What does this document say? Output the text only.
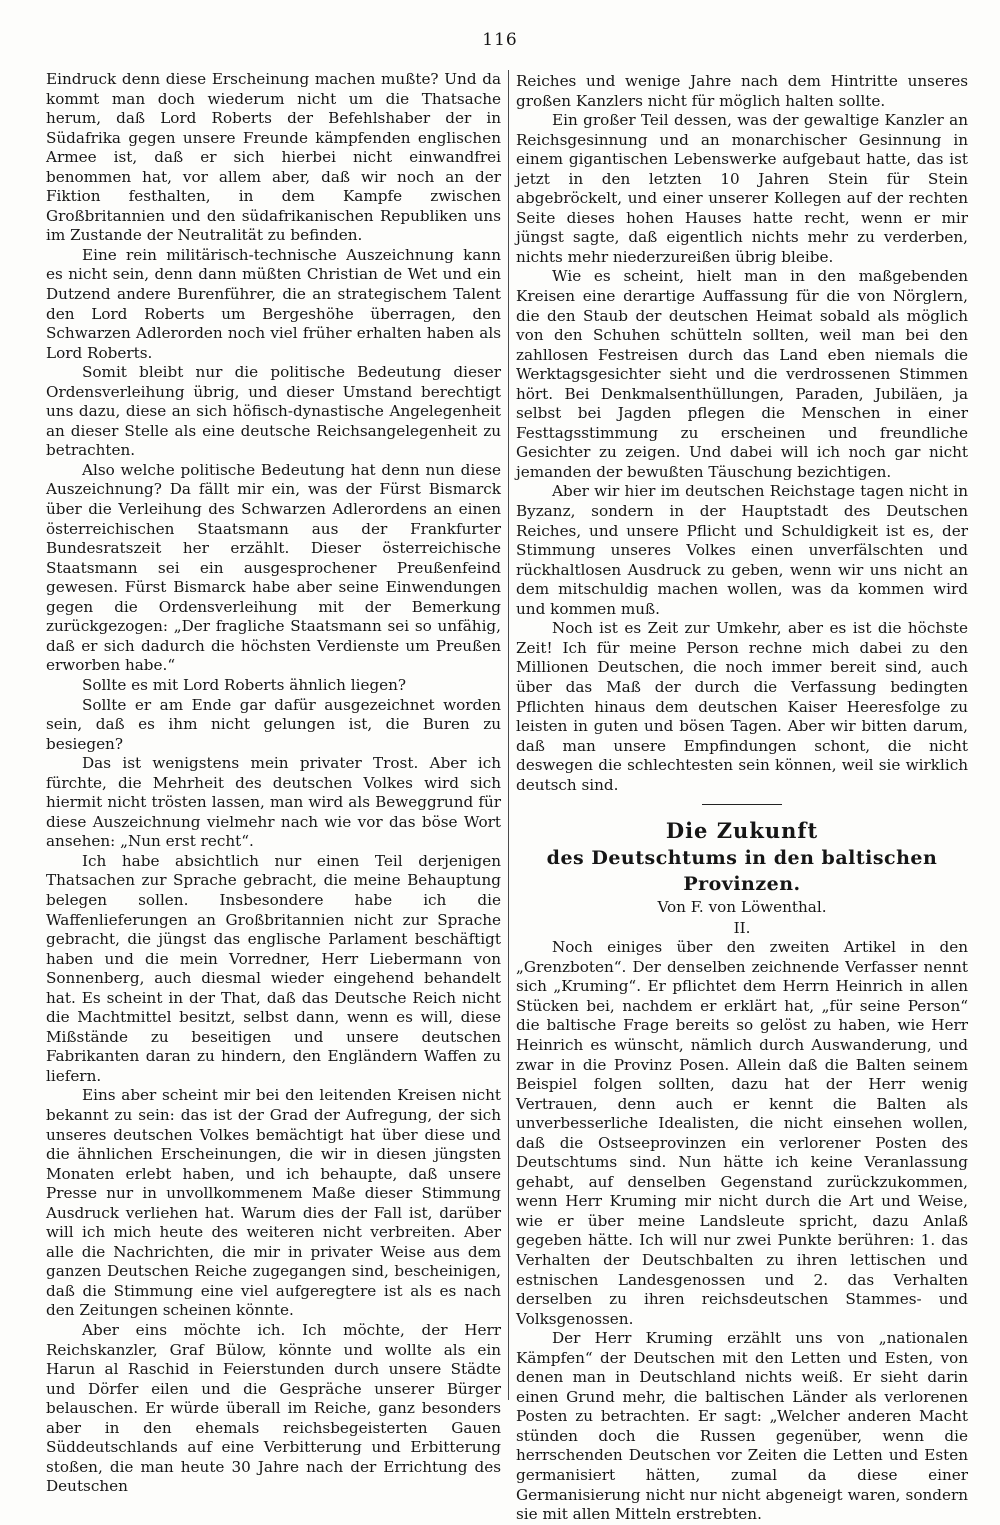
116

Eindruck denn diese Erscheinung machen mußte? Und da kommt man doch wiederum nicht um die Thatsache herum, daß Lord Roberts der Befehlshaber der in Südafrika gegen unsere Freunde kämpfenden englischen Armee ist, daß er sich hierbei nicht einwandfrei benommen hat, vor allem aber, daß wir noch an der Fiktion festhalten, in dem Kampfe zwischen Großbritannien und den südafrikanischen Republiken uns im Zustande der Neutralität zu befinden.

Eine rein militärisch-technische Auszeichnung kann es nicht sein, denn dann müßten Christian de Wet und ein Dutzend andere Burenführer, die an strategischem Talent den Lord Roberts um Bergeshöhe überragen, den Schwarzen Adlerorden noch viel früher erhalten haben als Lord Roberts.

Somit bleibt nur die politische Bedeutung dieser Ordensverleihung übrig, und dieser Umstand berechtigt uns dazu, diese an sich höfisch-dynastische Angelegenheit an dieser Stelle als eine deutsche Reichsangelegenheit zu betrachten.

Also welche politische Bedeutung hat denn nun diese Auszeichnung? Da fällt mir ein, was der Fürst Bismarck über die Verleihung des Schwarzen Adlerordens an einen österreichischen Staatsmann aus der Frankfurter Bundesratszeit her erzählt. Dieser österreichische Staatsmann sei ein ausgesprochener Preußenfeind gewesen. Fürst Bismarck habe aber seine Einwendungen gegen die Ordensverleihung mit der Bemerkung zurückgezogen: „Der fragliche Staatsmann sei so unfähig, daß er sich dadurch die höchsten Verdienste um Preußen erworben habe.“

Sollte es mit Lord Roberts ähnlich liegen?

Sollte er am Ende gar dafür ausgezeichnet worden sein, daß es ihm nicht gelungen ist, die Buren zu besiegen?

Das ist wenigstens mein privater Trost. Aber ich fürchte, die Mehrheit des deutschen Volkes wird sich hiermit nicht trösten lassen, man wird als Beweggrund für diese Auszeichnung vielmehr nach wie vor das böse Wort ansehen: „Nun erst recht“.

Ich habe absichtlich nur einen Teil derjenigen Thatsachen zur Sprache gebracht, die meine Behauptung belegen sollen. Insbesondere habe ich die Waffenlieferungen an Großbritannien nicht zur Sprache gebracht, die jüngst das englische Parlament beschäftigt haben und die mein Vorredner, Herr Liebermann von Sonnenberg, auch diesmal wieder eingehend behandelt hat. Es scheint in der That, daß das Deutsche Reich nicht die Machtmittel besitzt, selbst dann, wenn es will, diese Mißstände zu beseitigen und unsere deutschen Fabrikanten daran zu hindern, den Engländern Waffen zu liefern.

Eins aber scheint mir bei den leitenden Kreisen nicht bekannt zu sein: das ist der Grad der Aufregung, der sich unseres deutschen Volkes bemächtigt hat über diese und die ähnlichen Erscheinungen, die wir in diesen jüngsten Monaten erlebt haben, und ich behaupte, daß unsere Presse nur in unvollkommenem Maße dieser Stimmung Ausdruck verliehen hat. Warum dies der Fall ist, darüber will ich mich heute des weiteren nicht verbreiten. Aber alle die Nachrichten, die mir in privater Weise aus dem ganzen Deutschen Reiche zugegangen sind, bescheinigen, daß die Stimmung eine viel aufgeregtere ist als es nach den Zeitungen scheinen könnte.

Aber eins möchte ich. Ich möchte, der Herr Reichskanzler, Graf Bülow, könnte und wollte als ein Harun al Raschid in Feierstunden durch unsere Städte und Dörfer eilen und die Gespräche unserer Bürger belauschen. Er würde überall im Reiche, ganz besonders aber in den ehemals reichsbegeisterten Gauen Süddeutschlands auf eine Verbitterung und Erbitterung stoßen, die man heute 30 Jahre nach der Errichtung des Deutschen

Reiches und wenige Jahre nach dem Hintritte unseres großen Kanzlers nicht für möglich halten sollte.

Ein großer Teil dessen, was der gewaltige Kanzler an Reichsgesinnung und an monarchischer Gesinnung in einem gigantischen Lebenswerke aufgebaut hatte, das ist jetzt in den letzten 10 Jahren Stein für Stein abgebröckelt, und einer unserer Kollegen auf der rechten Seite dieses hohen Hauses hatte recht, wenn er mir jüngst sagte, daß eigentlich nichts mehr zu verderben, nichts mehr niederzureißen übrig bleibe.

Wie es scheint, hielt man in den maßgebenden Kreisen eine derartige Auffassung für die von Nörglern, die den Staub der deutschen Heimat sobald als möglich von den Schuhen schütteln sollten, weil man bei den zahllosen Festreisen durch das Land eben niemals die Werktagsgesichter sieht und die verdrossenen Stimmen hört. Bei Denkmalsenthüllungen, Paraden, Jubiläen, ja selbst bei Jagden pflegen die Menschen in einer Festtagsstimmung zu erscheinen und freundliche Gesichter zu zeigen. Und dabei will ich noch gar nicht jemanden der bewußten Täuschung bezichtigen.

Aber wir hier im deutschen Reichstage tagen nicht in Byzanz, sondern in der Hauptstadt des Deutschen Reiches, und unsere Pflicht und Schuldigkeit ist es, der Stimmung unseres Volkes einen unverfälschten und rückhaltlosen Ausdruck zu geben, wenn wir uns nicht an dem mitschuldig machen wollen, was da kommen wird und kommen muß.

Noch ist es Zeit zur Umkehr, aber es ist die höchste Zeit! Ich für meine Person rechne mich dabei zu den Millionen Deutschen, die noch immer bereit sind, auch über das Maß der durch die Verfassung bedingten Pflichten hinaus dem deutschen Kaiser Heeresfolge zu leisten in guten und bösen Tagen. Aber wir bitten darum, daß man unsere Empfindungen schont, die nicht deswegen die schlechtesten sein können, weil sie wirklich deutsch sind.

Die Zukunft
des Deutschtums in den baltischen Provinzen.

Von F. von Löwenthal.

II.

Noch einiges über den zweiten Artikel in den „Grenzboten“. Der denselben zeichnende Verfasser nennt sich „Kruming“. Er pflichtet dem Herrn Heinrich in allen Stücken bei, nachdem er erklärt hat, „für seine Person“ die baltische Frage bereits so gelöst zu haben, wie Herr Heinrich es wünscht, nämlich durch Auswanderung, und zwar in die Provinz Posen. Allein daß die Balten seinem Beispiel folgen sollten, dazu hat der Herr wenig Vertrauen, denn auch er kennt die Balten als unverbesserliche Idealisten, die nicht einsehen wollen, daß die Ostseeprovinzen ein verlorener Posten des Deutschtums sind. Nun hätte ich keine Veranlassung gehabt, auf denselben Gegenstand zurückzukommen, wenn Herr Kruming mir nicht durch die Art und Weise, wie er über meine Landsleute spricht, dazu Anlaß gegeben hätte. Ich will nur zwei Punkte berühren: 1. das Verhalten der Deutschbalten zu ihren lettischen und estnischen Landesgenossen und 2. das Verhalten derselben zu ihren reichsdeutschen Stammes- und Volksgenossen.

Der Herr Kruming erzählt uns von „nationalen Kämpfen“ der Deutschen mit den Letten und Esten, von denen man in Deutschland nichts weiß. Er sieht darin einen Grund mehr, die baltischen Länder als verlorenen Posten zu betrachten. Er sagt: „Welcher anderen Macht stünden doch die Russen gegenüber, wenn die herrschenden Deutschen vor Zeiten die Letten und Esten germanisiert hätten, zumal da diese einer Germanisierung nicht nur nicht abgeneigt waren, sondern sie mit allen Mitteln erstrebten.
